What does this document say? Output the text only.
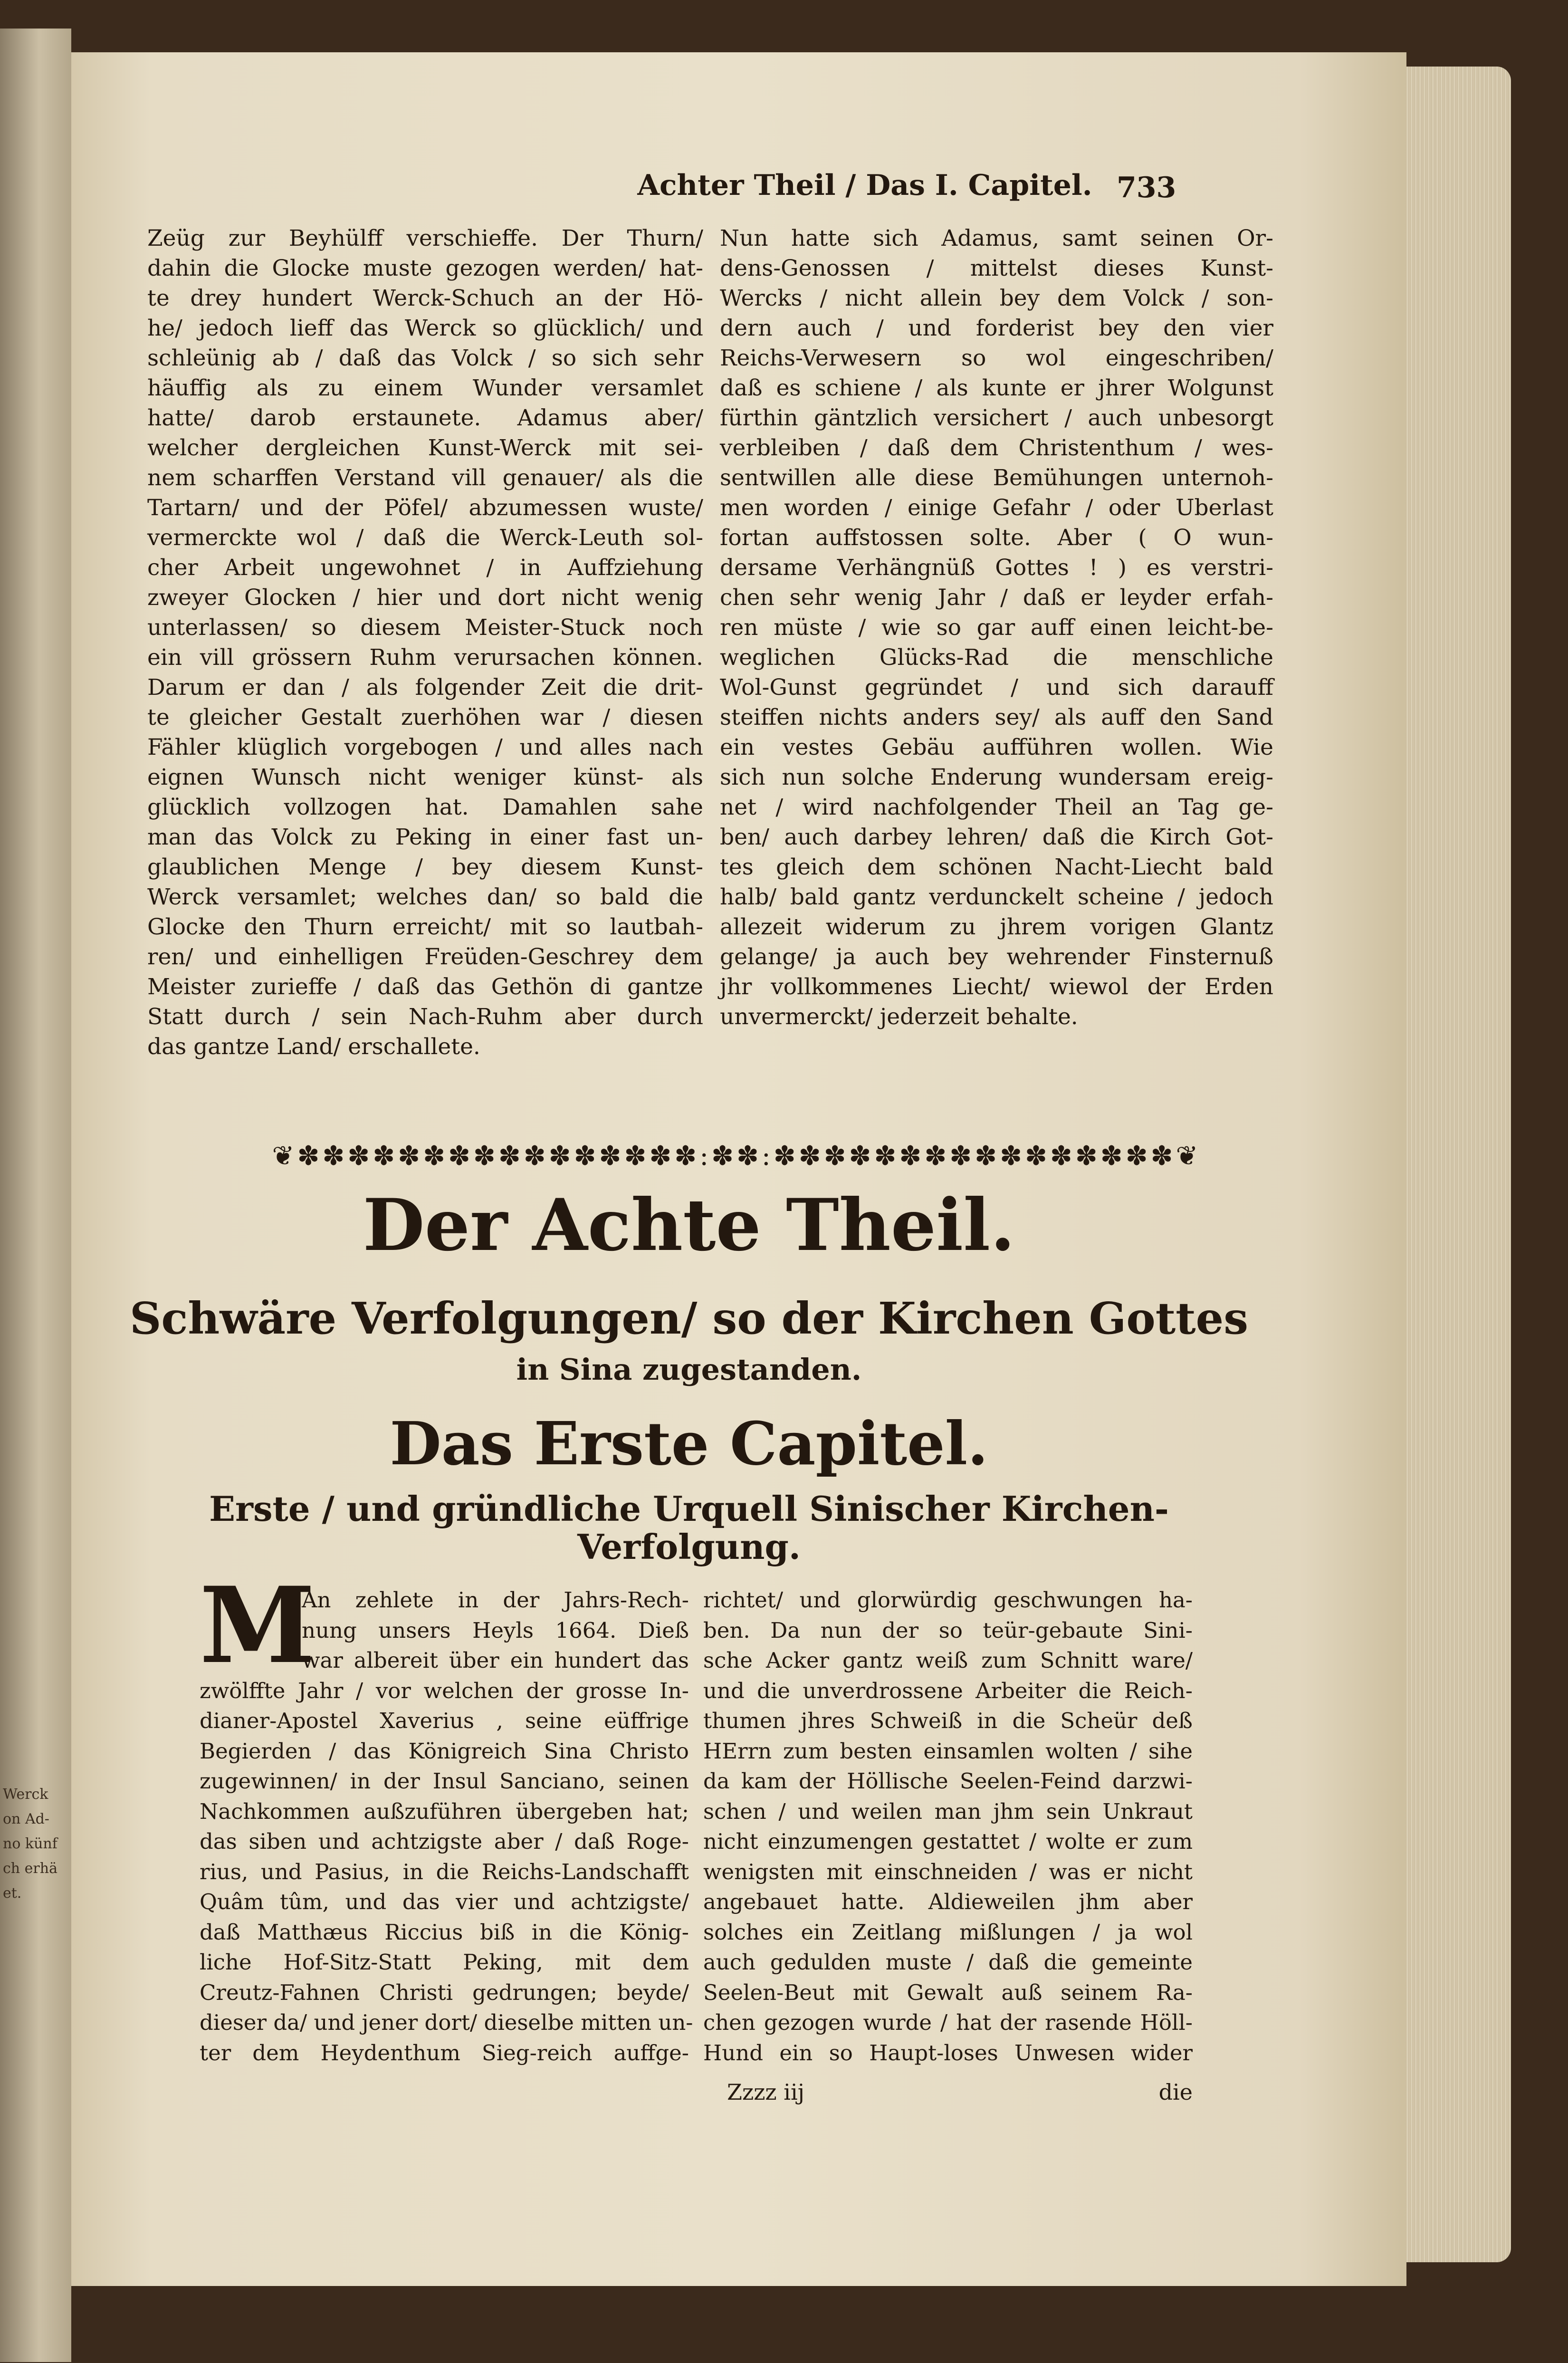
Werck
on Ad-
no künf
ch erhä
et.
Achter Theil / Das I. Capitel. 733

Zeüg zur Beyhülff verschieffe. Der Thurn/

dahin die Glocke muste gezogen werden/ hat-

te drey hundert Werck-Schuch an der Hö-

he/ jedoch lieff das Werck so glücklich/ und

schleünig ab / daß das Volck / so sich sehr

häuffig als zu einem Wunder versamlet

hatte/ darob erstaunete. Adamus aber/

welcher dergleichen Kunst-Werck mit sei-

nem scharffen Verstand vill genauer/ als die

Tartarn/ und der Pöfel/ abzumessen wuste/

vermerckte wol / daß die Werck-Leuth sol-

cher Arbeit ungewohnet / in Auffziehung

zweyer Glocken / hier und dort nicht wenig

unterlassen/ so diesem Meister-Stuck noch

ein vill grössern Ruhm verursachen können.

Darum er dan / als folgender Zeit die drit-

te gleicher Gestalt zuerhöhen war / diesen

Fähler klüglich vorgebogen / und alles nach

eignen Wunsch nicht weniger künst- als

glücklich vollzogen hat. Damahlen sahe

man das Volck zu Peking in einer fast un-

glaublichen Menge / bey diesem Kunst-

Werck versamlet; welches dan/ so bald die

Glocke den Thurn erreicht/ mit so lautbah-

ren/ und einhelligen Freüden-Geschrey dem

Meister zurieffe / daß das Gethön di gantze

Statt durch / sein Nach-Ruhm aber durch

das gantze Land/ erschallete.

Nun hatte sich Adamus, samt seinen Or-

dens-Genossen / mittelst dieses Kunst-

Wercks / nicht allein bey dem Volck / son-

dern auch / und forderist bey den vier

Reichs-Verwesern so wol eingeschriben/

daß es schiene / als kunte er jhrer Wolgunst

fürthin gäntzlich versichert / auch unbesorgt

verbleiben / daß dem Christenthum / wes-

sentwillen alle diese Bemühungen unternoh-

men worden / einige Gefahr / oder Uberlast

fortan auffstossen solte. Aber ( O wun-

dersame Verhängnüß Gottes ! ) es verstri-

chen sehr wenig Jahr / daß er leyder erfah-

ren müste / wie so gar auff einen leicht-be-

weglichen Glücks-Rad die menschliche

Wol-Gunst gegründet / und sich darauff

steiffen nichts anders sey/ als auff den Sand

ein vestes Gebäu aufführen wollen. Wie

sich nun solche Enderung wundersam ereig-

net / wird nachfolgender Theil an Tag ge-

ben/ auch darbey lehren/ daß die Kirch Got-

tes gleich dem schönen Nacht-Liecht bald

halb/ bald gantz verdunckelt scheine / jedoch

allezeit widerum zu jhrem vorigen Glantz

gelange/ ja auch bey wehrender Finsternuß

jhr vollkommenes Liecht/ wiewol der Erden

unvermerckt/ jederzeit behalte.

❦✽✽✽✽✽✽✽✽✽✽✽✽✽✽✽✽:✽✽:✽✽✽✽✽✽✽✽✽✽✽✽✽✽✽✽❦
Der Achte Theil.
Schwäre Verfolgungen/ so der Kirchen Gottes
in Sina zugestanden.
Das Erste Capitel.
Erste / und gründliche Urquell Sinischer Kirchen-
Verfolgung.
M

An zehlete in der Jahrs-Rech-

nung unsers Heyls 1664. Dieß

war albereit über ein hundert das

zwölffte Jahr / vor welchen der grosse In-

dianer-Apostel Xaverius , seine eüffrige

Begierden / das Königreich Sina Christo

zugewinnen/ in der Insul Sanciano, seinen

Nachkommen außzuführen übergeben hat;

das siben und achtzigste aber / daß Roge-

rius, und Pasius, in die Reichs-Landschafft

Quâm tûm, und das vier und achtzigste/

daß Matthæus Riccius biß in die König-

liche Hof-Sitz-Statt Peking, mit dem

Creutz-Fahnen Christi gedrungen; beyde/

dieser da/ und jener dort/ dieselbe mitten un-

ter dem Heydenthum Sieg-reich auffge-

richtet/ und glorwürdig geschwungen ha-

ben. Da nun der so teür-gebaute Sini-

sche Acker gantz weiß zum Schnitt ware/

und die unverdrossene Arbeiter die Reich-

thumen jhres Schweiß in die Scheür deß

HErrn zum besten einsamlen wolten / sihe

da kam der Höllische Seelen-Feind darzwi-

schen / und weilen man jhm sein Unkraut

nicht einzumengen gestattet / wolte er zum

wenigsten mit einschneiden / was er nicht

angebauet hatte. Aldieweilen jhm aber

solches ein Zeitlang mißlungen / ja wol

auch gedulden muste / daß die gemeinte

Seelen-Beut mit Gewalt auß seinem Ra-

chen gezogen wurde / hat der rasende Höll-

Hund ein so Haupt-loses Unwesen wider

Zzzz iij	die
